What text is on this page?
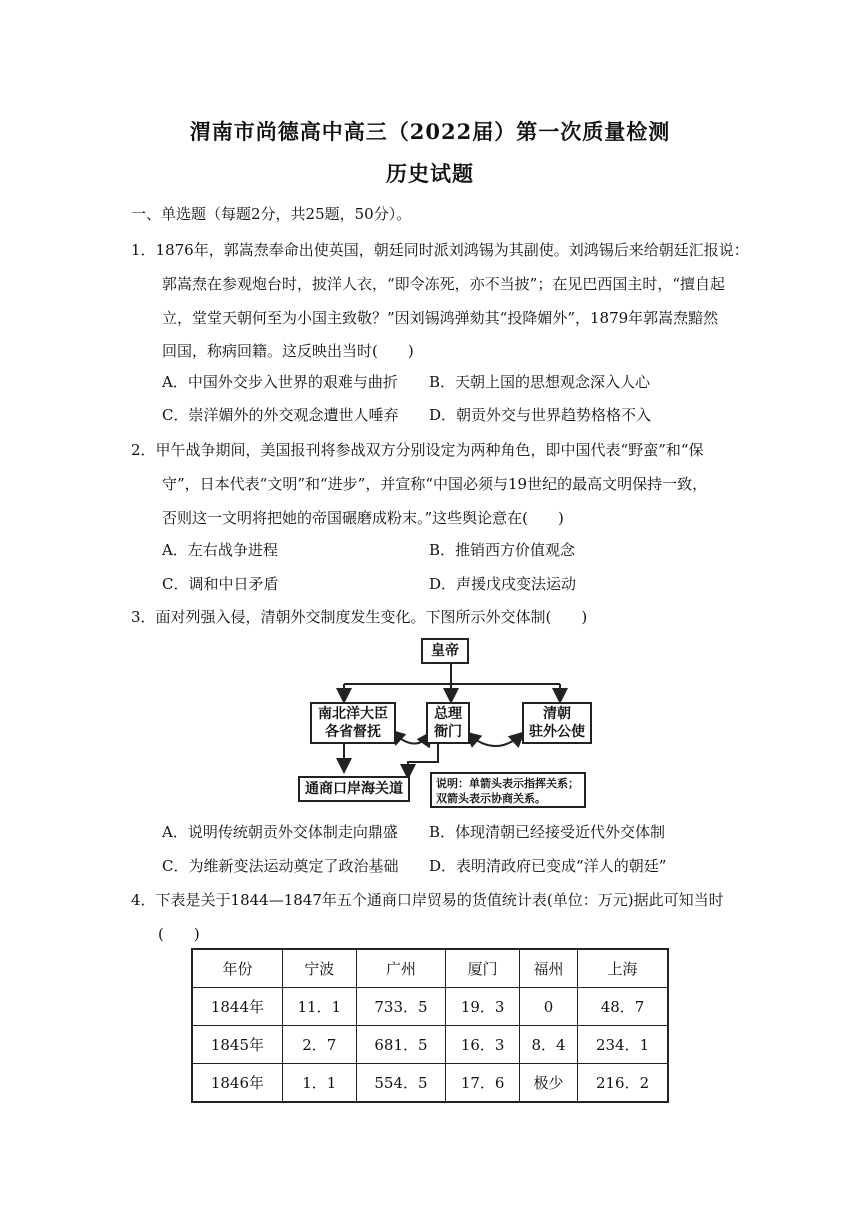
渭南市尚德高中高三（2022届）第一次质量检测
历史试题
一、单选题（每题2分，共25题，50分）。
1．1876年，郭嵩焘奉命出使英国，朝廷同时派刘鸿锡为其副使。刘鸿锡后来给朝廷汇报说：
郭嵩焘在参观炮台时，披洋人衣，“即令冻死，亦不当披”；在见巴西国主时，“擅自起
立，堂堂天朝何至为小国主致敬？”因刘锡鸿弹劾其“投降媚外”，1879年郭嵩焘黯然
回国，称病回籍。这反映出当时(　　)
A．中国外交步入世界的艰难与曲折 B．天朝上国的思想观念深入人心
C．崇洋媚外的外交观念遭世人唾弃 D．朝贡外交与世界趋势格格不入
2．甲午战争期间，美国报刊将参战双方分别设定为两种角色，即中国代表“野蛮”和“保
守”，日本代表“文明”和“进步”，并宣称“中国必须与19世纪的最高文明保持一致，
否则这一文明将把她的帝国碾磨成粉末。”这些舆论意在(　　)
A．左右战争进程	B．推销西方价值观念
C．调和中日矛盾	D．声援戊戌变法运动
3．面对列强入侵，清朝外交制度发生变化。下图所示外交体制(　　)
皇帝
南北洋大臣
各省督抚
总理
衙门
清朝
驻外公使
通商口岸海关道	说明：单箭头表示指挥关系；
双箭头表示协商关系。
A．说明传统朝贡外交体制走向鼎盛 B．体现清朝已经接受近代外交体制
C．为维新变法运动奠定了政治基础 D．表明清政府已变成“洋人的朝廷”
4．下表是关于1844—1847年五个通商口岸贸易的货值统计表(单位：万元)据此可知当时
(　　)
年份	宁波	广州	厦门	福州	上海
1844年	11．1	733．5	19．3	0	48．7
1845年	2．7	681．5	16．3	8．4	234．1
1846年	1．1	554．5	17．6	极少	216．2
